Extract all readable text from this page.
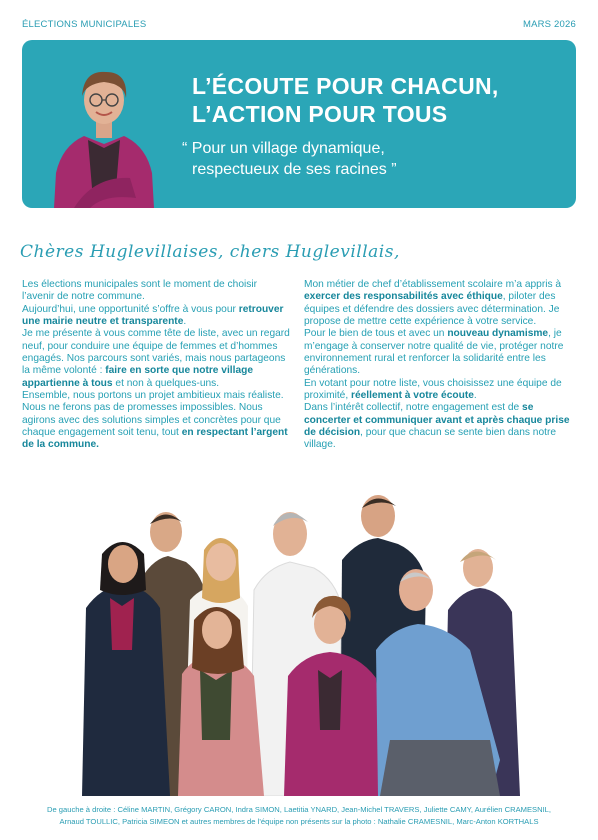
ÉLECTIONS MUNICIPALES	MARS 2026
L’ÉCOUTE POUR CHACUN,
L’ACTION POUR TOUS
“ Pour un village dynamique,
respectueux de ses racines ”
Chères Huglevillaises, chers Huglevillais,

Les élections municipales sont le moment de choisir l’avenir de notre commune.

Aujourd’hui, une opportunité s’offre à vous pour retrouver une mairie neutre et transparente.

Je me présente à vous comme tête de liste, avec un regard neuf, pour conduire une équipe de femmes et d’hommes engagés. Nos parcours sont variés, mais nous partageons la même volonté : faire en sorte que notre village appartienne à tous et non à quelques-uns.

Ensemble, nous portons un projet ambitieux mais réaliste. Nous ne ferons pas de promesses impossibles. Nous agirons avec des solutions simples et concrètes pour que chaque engagement soit tenu, tout en respectant l’argent de la commune.

Mon métier de chef d’établissement scolaire m’a appris à exercer des responsabilités avec éthique, piloter des équipes et défendre des dossiers avec détermination. Je propose de mettre cette expérience à votre service.

Pour le bien de tous et avec un nouveau dynamisme, je m’engage à conserver notre qualité de vie, protéger notre environnement rural et renforcer la solidarité entre les générations.

En votant pour notre liste, vous choisissez une équipe de proximité, réellement à votre écoute.

Dans l’intérêt collectif, notre engagement est de se concerter et communiquer avant et après chaque prise de décision, pour que chacun se sente bien dans notre village.

De gauche à droite : Céline MARTIN, Grégory CARON, Indra SIMON, Laetitia YNARD, Jean-Michel TRAVERS, Juliette CAMY, Aurélien CRAMESNIL,
Arnaud TOULLIC, Patricia SIMEON et autres membres de l’équipe non présents sur la photo : Nathalie CRAMESNIL, Marc-Anton KORTHALS
